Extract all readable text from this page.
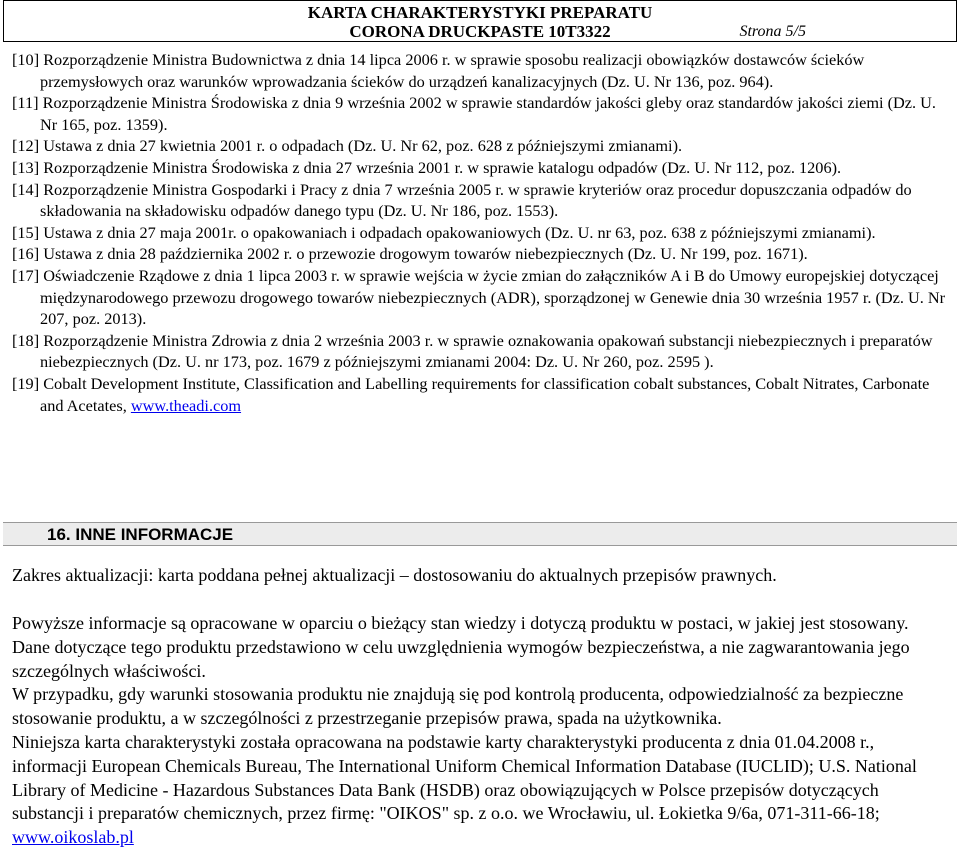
KARTA CHARAKTERYSTYKI PREPARATU
CORONA DRUCKPASTE 10T3322	Strona 5/5
[10] Rozporządzenie Ministra Budownictwa z dnia 14 lipca 2006 r. w sprawie sposobu realizacji obowiązków dostawców ścieków przemysłowych oraz warunków wprowadzania ścieków do urządzeń kanalizacyjnych (Dz. U. Nr 136, poz. 964).
[11] Rozporządzenie Ministra Środowiska z dnia 9 września 2002 w sprawie standardów jakości gleby oraz standardów jakości ziemi (Dz. U. Nr 165, poz. 1359).
[12] Ustawa z dnia 27 kwietnia 2001 r. o odpadach (Dz. U. Nr 62, poz. 628 z późniejszymi zmianami).
[13] Rozporządzenie Ministra Środowiska z dnia 27 września 2001 r. w sprawie katalogu odpadów (Dz. U. Nr 112, poz. 1206).
[14] Rozporządzenie Ministra Gospodarki i Pracy z dnia 7 września 2005 r. w sprawie kryteriów oraz procedur dopuszczania odpadów do składowania na składowisku odpadów danego typu (Dz. U. Nr 186, poz. 1553).
[15] Ustawa z dnia 27 maja 2001r. o opakowaniach i odpadach opakowaniowych (Dz. U. nr 63, poz. 638 z późniejszymi zmianami).
[16] Ustawa z dnia 28 października 2002 r. o przewozie drogowym towarów niebezpiecznych (Dz. U. Nr 199, poz. 1671).
[17] Oświadczenie Rządowe z dnia 1 lipca 2003 r. w sprawie wejścia w życie zmian do załączników A i B do Umowy europejskiej dotyczącej międzynarodowego przewozu drogowego towarów niebezpiecznych (ADR), sporządzonej w Genewie dnia 30 września 1957 r. (Dz. U. Nr 207, poz. 2013).
[18] Rozporządzenie Ministra Zdrowia z dnia 2 września 2003 r. w sprawie oznakowania opakowań substancji niebezpiecznych i preparatów niebezpiecznych (Dz. U. nr 173, poz. 1679 z późniejszymi zmianami 2004: Dz. U. Nr 260, poz. 2595 ).
[19] Cobalt Development Institute, Classification and Labelling requirements for classification cobalt substances, Cobalt Nitrates, Carbonate and Acetates, www.theadi.com
16. INNE INFORMACJE

Zakres aktualizacji: karta poddana pełnej aktualizacji – dostosowaniu do aktualnych przepisów prawnych.

Powyższe informacje są opracowane w oparciu o bieżący stan wiedzy i dotyczą produktu w postaci, w jakiej jest stosowany. Dane dotyczące tego produktu przedstawiono w celu uwzględnienia wymogów bezpieczeństwa, a nie zagwarantowania jego szczególnych właściwości.

W przypadku, gdy warunki stosowania produktu nie znajdują się pod kontrolą producenta, odpowiedzialność za bezpieczne stosowanie produktu, a w szczególności z przestrzeganie przepisów prawa, spada na użytkownika.

Niniejsza karta charakterystyki została opracowana na podstawie karty charakterystyki producenta z dnia 01.04.2008 r., informacji European Chemicals Bureau, The International Uniform Chemical Information Database (IUCLID); U.S. National Library of Medicine - Hazardous Substances Data Bank (HSDB) oraz obowiązujących w Polsce przepisów dotyczących substancji i preparatów chemicznych, przez firmę: "OIKOS" sp. z o.o. we Wrocławiu, ul. Łokietka 9/6a, 071-311-66-18; www.oikoslab.pl
